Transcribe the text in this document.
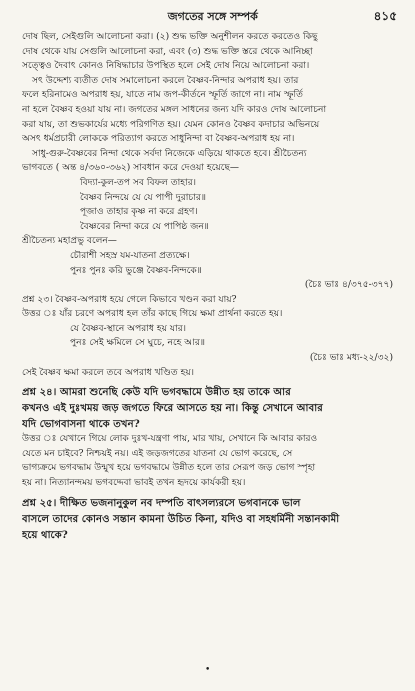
জগতের সঙ্গে সম্পর্ক	৪১৫
দোষ ছিল, সেইগুলি আলোচনা করা। (২) শুদ্ধ ভক্তি অনুশীলন করতে করতেও কিছু
দোষ থেকে যায় সেগুলি আলোচনা করা, এবং (৩) শুদ্ধ ভক্তি স্তরে থেকে আনিচ্ছা
সত্ত্বেও দৈবাৎ কোনও নিষিদ্ধাচার উপস্থিত হলে সেই দোষ নিয়ে আলোচনা করা।
সৎ উদ্দেশ্য ব্যতীত দোষ সমালোচনা করলে বৈষ্ণব-নিন্দার অপরাধ হয়। তার
ফলে হরিনামেও অপরাধ হয়, যাতে নাম জপ-কীর্তনে স্ফূর্তি জাগে না। নাম স্ফূর্তি
না হলে বৈষ্ণব হওয়া যায় না। জগতের মঙ্গল সাধনের জন্য যদি কারও দোষ আলোচনা
করা যায়, তা শুভকার্যের মধ্যে পরিগণিত হয়। যেমন কোনও বৈষ্ণব কদাচার অভিনয়ে
অসৎ ধর্মপ্রচারী লোককে পরিত্যাগ করতে সাধুনিন্দা বা বৈষ্ণব-অপরাধ হয় না।
সাধু-গুরু-বৈষ্ণবের নিন্দা থেকে সর্বদা নিজেকে এড়িয়ে থাকতে হবে। শ্রীচৈতন্য
ভাগবতে ( অন্ত ৪/৩৬০-৩৬২) সাবধান করে দেওয়া হয়েছে—
বিদ্যা-কুল-তপ সব বিফল তাহার।
বৈষ্ণব নিন্দয়ে যে যে পাপী দুরাচার॥
পূজাও তাহার কৃষ্ণ না করে গ্রহণ।
বৈষ্ণবের নিন্দা করে যে পাপিষ্ঠ জন॥
শ্রীচৈতন্য মহাপ্রভু বলেন—
চৌরাশী সহস্র যম-যাতনা প্রত্যক্ষে।
পুনঃ পুনঃ করি ভুঞ্জে বৈষ্ণব-নিন্দকে॥
(চৈঃ ভাঃ ৪/৩৭৫-৩৭৭)
প্রশ্ন ২৩। বৈষ্ণব-অপরাধ হয়ে গেলে কিভাবে খণ্ডন করা যায়?
উত্তর ঃ যাঁর চরণে অপরাধ হল তাঁর কাছে গিয়ে ক্ষমা প্রার্থনা করতে হয়।
যে বৈষ্ণব-স্থানে অপরাধ হয় যার।
পুনঃ সেই ক্ষমিলে সে ঘুচে, নহে আর॥
(চৈঃ ভাঃ মধ্য-২২/৩২)
সেই বৈষ্ণব ক্ষমা করলে তবে অপরাধ খণ্ডিত হয়।
প্রশ্ন ২৪। আমরা শুনেছি কেউ যদি ভগবদ্ধামে উন্নীত হয় তাকে আর
কখনও এই দুঃখময় জড় জগতে ফিরে আসতে হয় না। কিন্তু সেখানে আবার
যদি ভোগবাসনা থাকে তখন?
উত্তর ঃ যেখানে গিয়ে লোক দুঃখ-যন্ত্রণা পায়, মার খায়, সেখানে কি আবার কারও
যেতে মন চাইবে? নিশ্চয়ই নয়। এই জড়জগতের যাতনা যে ভোগ করেছে, সে
ভাগ্যক্রমে ভগবদ্ধাম উন্মুখ হয়ে ভগবদ্ধামে উন্নীত হলে তার সেরূপ জড় ভোগ স্পৃহা
হয় না। নিত্যানন্দময় ভগবদ্দেবা ভাবই তখন হৃদয়ে কার্যকরী হয়।
প্রশ্ন ২৫। দীক্ষিত ভজনানুকুল নব দম্পতি বাৎসল্যরসে ভগবানকে ভাল
বাসলে তাদের কোনও সন্তান কামনা উচিত কিনা, যদিও বা সহধর্মিনী সন্তানকামী
হয়ে থাকে?
•
